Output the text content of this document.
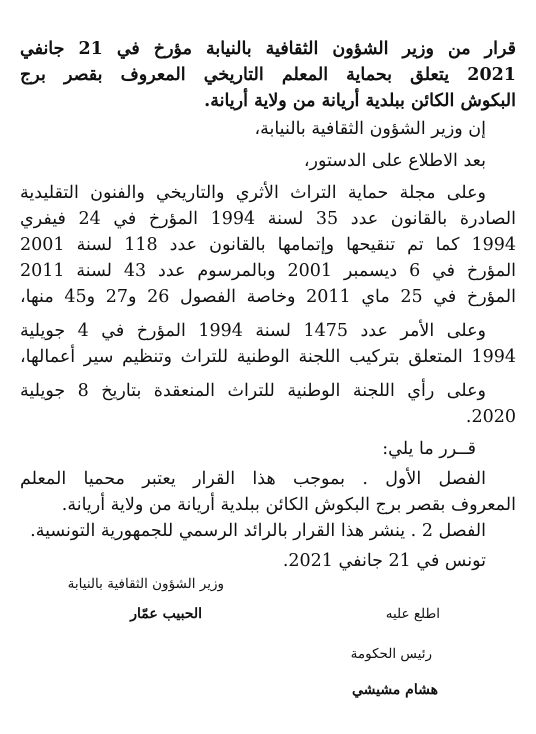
قرار من وزير الشؤون الثقافية بالنيابة مؤرخ في 21 جانفي
2021 يتعلق بحماية المعلم التاريخي المعروف بقصر برج
البكوش الكائن ببلدية أريانة من ولاية أريانة.
إن وزير الشؤون الثقافية بالنيابة،
بعد الاطلاع على الدستور،
وعلى مجلة حماية التراث الأثري والتاريخي والفنون التقليدية
الصادرة بالقانون عدد 35 لسنة 1994 المؤرخ في 24 فيفري
1994 كما تم تنقيحها وإتمامها بالقانون عدد 118 لسنة 2001
المؤرخ في 6 ديسمبر 2001 وبالمرسوم عدد 43 لسنة 2011
المؤرخ في 25 ماي 2011 وخاصة الفصول 26 و27 و45 منها،
وعلى الأمر عدد 1475 لسنة 1994 المؤرخ في 4 جويلية
1994 المتعلق بتركيب اللجنة الوطنية للتراث وتنظيم سير أعمالها،
وعلى رأي اللجنة الوطنية للتراث المنعقدة بتاريخ 8 جويلية
2020.
قــرر ما يلي:
الفصل الأول . بموجب هذا القرار يعتبر محميا المعلم
المعروف بقصر برج البكوش الكائن ببلدية أريانة من ولاية أريانة.
الفصل 2 . ينشر هذا القرار بالرائد الرسمي للجمهورية التونسية.
تونس في 21 جانفي 2021.
وزير الشؤون الثقافية بالنيابة
الحبيب عمّار	اطلع عليه
رئيس الحكومة
هشام مشيشي
